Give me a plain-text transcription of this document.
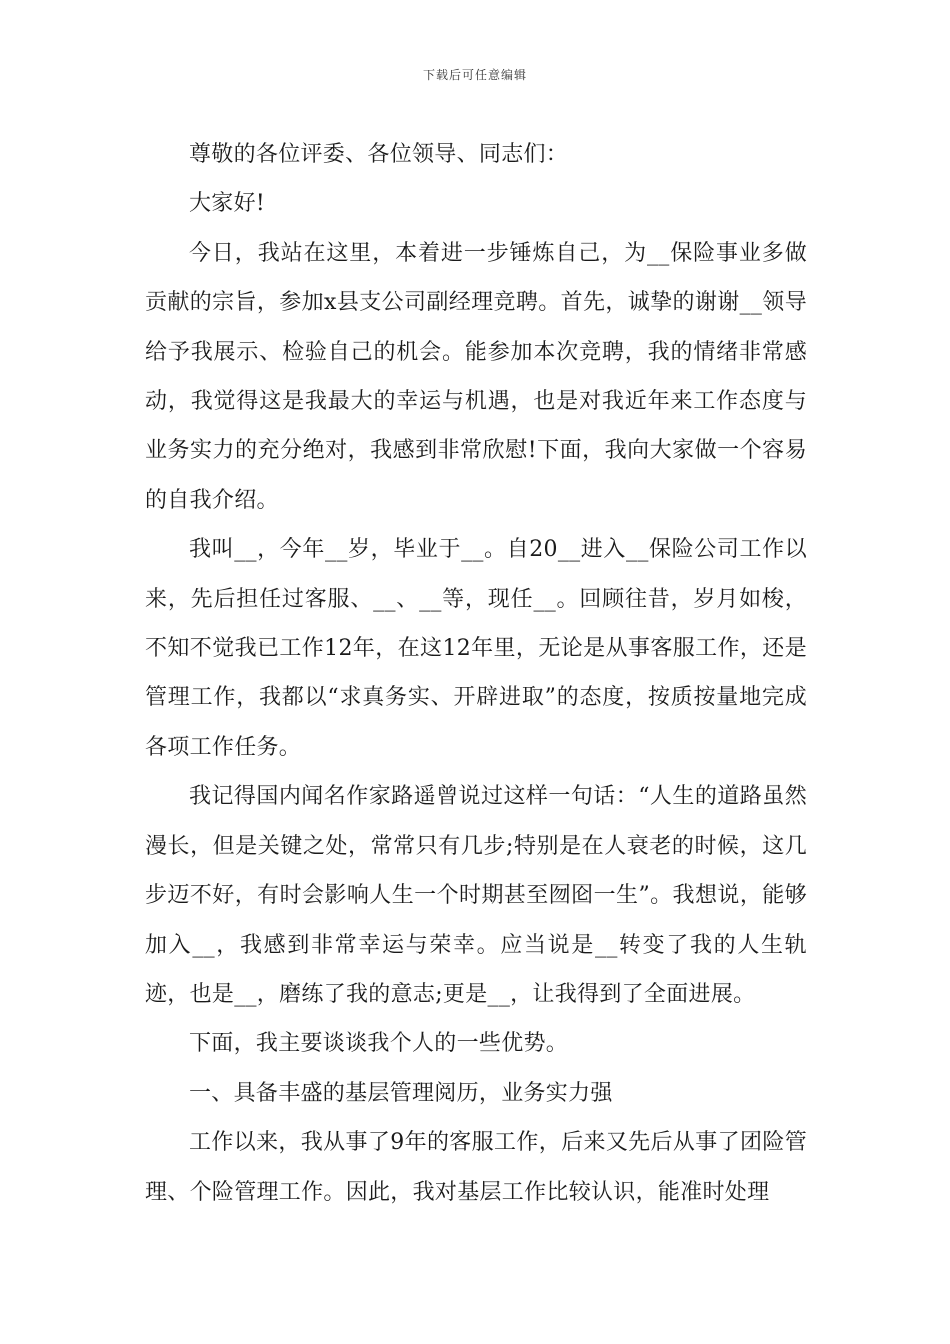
下载后可任意编辑

尊敬的各位评委、各位领导、同志们：

大家好!

今日，我站在这里，本着进一步锤炼自己，为__保险事业多做贡献的宗旨，参加x县支公司副经理竞聘。首先，诚挚的谢谢__领导给予我展示、检验自己的机会。能参加本次竞聘，我的情绪非常感动，我觉得这是我最大的幸运与机遇，也是对我近年来工作态度与业务实力的充分绝对，我感到非常欣慰!下面，我向大家做一个容易的自我介绍。

我叫__，今年__岁，毕业于__。自20__进入__保险公司工作以来，先后担任过客服、__、__等，现任__。回顾往昔，岁月如梭，不知不觉我已工作12年，在这12年里，无论是从事客服工作，还是管理工作，我都以“求真务实、开辟进取”的态度，按质按量地完成各项工作任务。

我记得国内闻名作家路遥曾说过这样一句话：“人生的道路虽然漫长，但是关键之处，常常只有几步;特别是在人衰老的时候，这几步迈不好，有时会影响人生一个时期甚至囫囵一生”。我想说，能够加入__，我感到非常幸运与荣幸。应当说是__转变了我的人生轨迹，也是__，磨练了我的意志;更是__，让我得到了全面进展。

下面，我主要谈谈我个人的一些优势。

一、具备丰盛的基层管理阅历，业务实力强

工作以来，我从事了9年的客服工作，后来又先后从事了团险管理、个险管理工作。因此，我对基层工作比较认识，能准时处理
